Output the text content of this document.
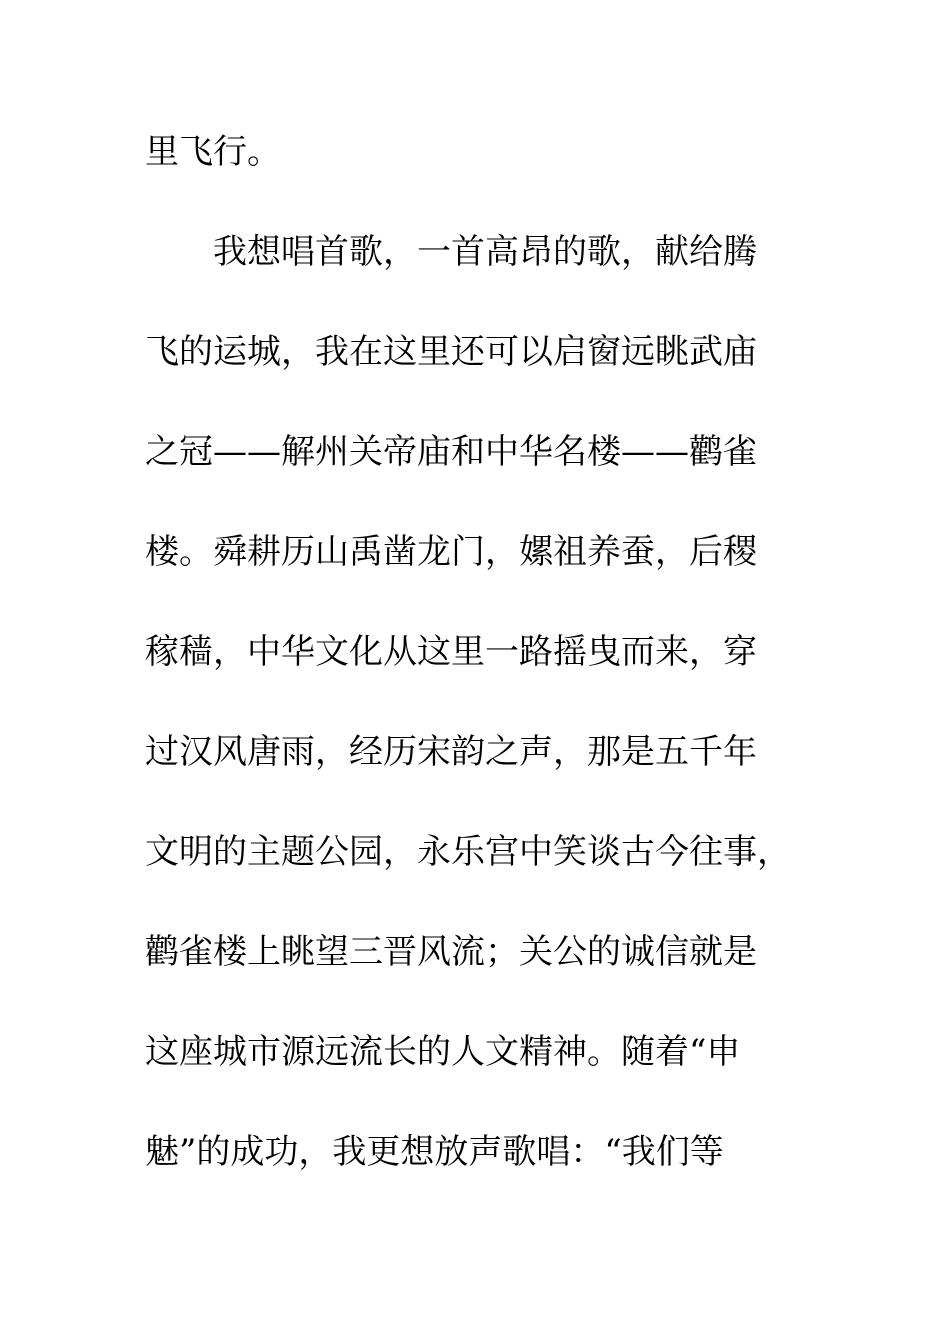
里飞行。
我想唱首歌，一首高昂的歌，献给腾
飞的运城，我在这里还可以启窗远眺武庙
之冠——解州关帝庙和中华名楼——鹳雀
楼。舜耕历山禹凿龙门，嫘祖养蚕，后稷
稼穑，中华文化从这里一路摇曳而来，穿
过汉风唐雨，经历宋韵之声，那是五千年
文明的主题公园，永乐宫中笑谈古今往事，
鹳雀楼上眺望三晋风流；关公的诚信就是
这座城市源远流长的人文精神。随着“申
魅”的成功，我更想放声歌唱：“我们等
